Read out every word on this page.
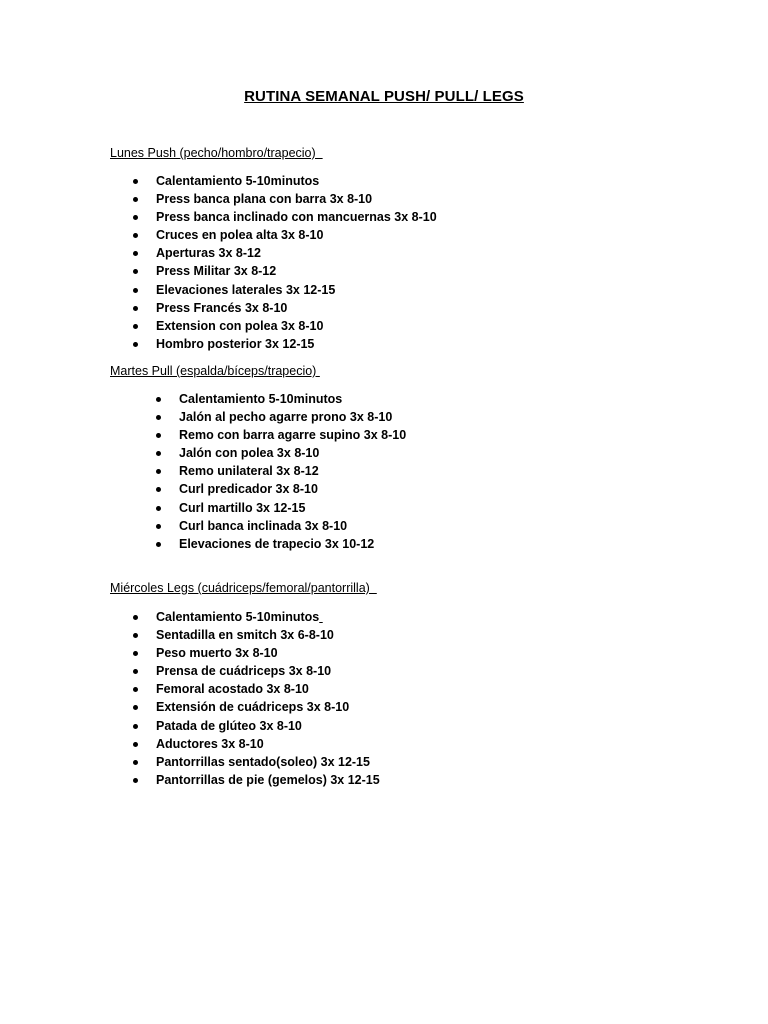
RUTINA SEMANAL PUSH/ PULL/ LEGS
Lunes Push (pecho/hombro/trapecio)
Calentamiento 5-10minutos
Press banca plana con barra 3x 8-10
Press banca inclinado con mancuernas 3x 8-10
Cruces en polea alta 3x 8-10
Aperturas 3x 8-12
Press Militar 3x 8-12
Elevaciones laterales 3x 12-15
Press Francés 3x 8-10
Extension con polea 3x 8-10
Hombro posterior 3x 12-15
Martes Pull (espalda/bíceps/trapecio)
Calentamiento 5-10minutos
Jalón al pecho agarre prono 3x 8-10
Remo con barra agarre supino 3x 8-10
Jalón con polea 3x 8-10
Remo unilateral 3x 8-12
Curl predicador 3x 8-10
Curl martillo 3x 12-15
Curl banca inclinada 3x 8-10
Elevaciones de trapecio 3x 10-12
Miércoles Legs (cuádriceps/femoral/pantorrilla)
Calentamiento 5-10minutos
Sentadilla en smitch 3x 6-8-10
Peso muerto 3x 8-10
Prensa de cuádriceps 3x 8-10
Femoral acostado 3x 8-10
Extensión de cuádriceps 3x 8-10
Patada de glúteo 3x 8-10
Aductores 3x 8-10
Pantorrillas sentado(soleo) 3x 12-15
Pantorrillas de pie (gemelos) 3x 12-15
